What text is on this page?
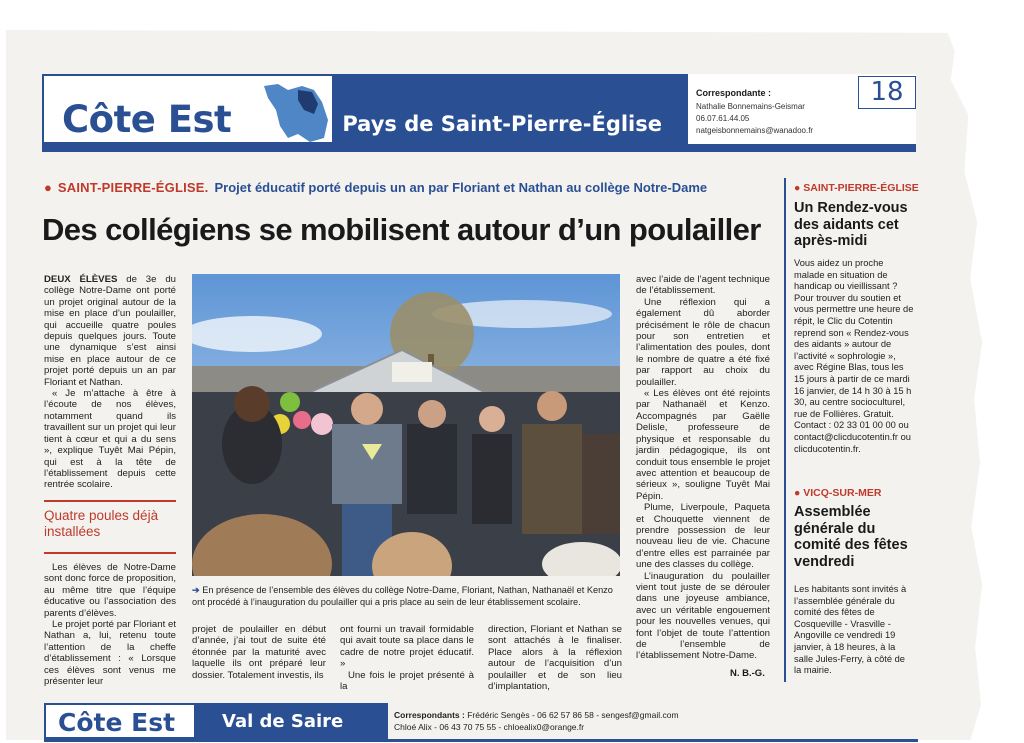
Côte Est	Pays de Saint-Pierre-Église
Correspondante :
Nathalie Bonnemains-Geismar
06.07.61.44.05
natgeisbonnemains@wanadoo.fr
18
● SAINT-PIERRE-ÉGLISE. Projet éducatif porté depuis un an par Floriant et Nathan au collège Notre-Dame
Des collégiens se mobilisent autour d’un poulailler

DEUX ÉLÈVES de 3e du collège Notre-Dame ont porté un projet original autour de la mise en place d’un poulailler, qui accueille quatre poules depuis quelques jours. Toute une dynamique s’est ainsi mise en place autour de ce projet porté depuis un an par Floriant et Nathan.

« Je m’attache à être à l’écoute de nos élèves, notamment quand ils travaillent sur un projet qui leur tient à cœur et qui a du sens », explique Tuyêt Mai Pépin, qui est à la tête de l’établissement depuis cette rentrée scolaire.

Quatre poules déjà installées

Les élèves de Notre-Dame sont donc force de proposition, au même titre que l’équipe éducative ou l’association des parents d’élèves.

Le projet porté par Floriant et Nathan a, lui, retenu toute l’attention de la cheffe d’établissement : « Lorsque ces élèves sont venus me présenter leur

➔ En présence de l’ensemble des élèves du collège Notre-Dame, Floriant, Nathan, Nathanaël et Kenzo ont procédé à l’inauguration du poulailler qui a pris place au sein de leur établissement scolaire.

projet de poulailler en début d’année, j’ai tout de suite été étonnée par la maturité avec laquelle ils ont préparé leur dossier. Totalement investis, ils

ont fourni un travail formidable qui avait toute sa place dans le cadre de notre projet éducatif. »

Une fois le projet présenté à la

direction, Floriant et Nathan se sont attachés à le finaliser. Place alors à la réflexion autour de l’acquisition d’un poulailler et de son lieu d’implantation,

avec l’aide de l’agent technique de l’établissement.

Une réflexion qui a également dû aborder précisément le rôle de chacun pour son entretien et l’alimentation des poules, dont le nombre de quatre a été fixé par rapport au choix du poulailler.

« Les élèves ont été rejoints par Nathanaël et Kenzo. Accompagnés par Gaëlle Delisle, professeure de physique et responsable du jardin pédagogique, ils ont conduit tous ensemble le projet avec attention et beaucoup de sérieux », souligne Tuyêt Mai Pépin.

Plume, Liverpoule, Paqueta et Chouquette viennent de prendre possession de leur nouveau lieu de vie. Chacune d’entre elles est parrainée par une des classes du collège.

L’inauguration du poulailler vient tout juste de se dérouler dans une joyeuse ambiance, avec un véritable engouement pour les nouvelles venues, qui font l’objet de toute l’attention de l’ensemble de l’établissement Notre-Dame.

N. B.-G.
● SAINT-PIERRE-ÉGLISE
Un Rendez-vous des aidants cet après-midi
Vous aidez un proche malade en situation de handicap ou vieillissant ? Pour trouver du soutien et vous permettre une heure de répit, le Clic du Cotentin reprend son « Rendez-vous des aidants » autour de l’activité « sophrologie », avec Régine Blas, tous les 15 jours à partir de ce mardi 16 janvier, de 14 h 30 à 15 h 30, au centre socioculturel, rue de Follières. Gratuit. Contact : 02 33 01 00 00 ou contact@clicducotentin.fr ou clicducotentin.fr.
● VICQ-SUR-MER
Assemblée générale du comité des fêtes vendredi
Les habitants sont invités à l’assemblée générale du comité des fêtes de Cosqueville - Vrasville - Angoville ce vendredi 19 janvier, à 18 heures, à la salle Jules-Ferry, à côté de la mairie.
Côte Est	Val de Saire	Correspondants : Frédéric Sengès - 06 62 57 86 58 - sengesf@gmail.com
Chloé Alix - 06 43 70 75 55 - chloealix0@orange.fr
